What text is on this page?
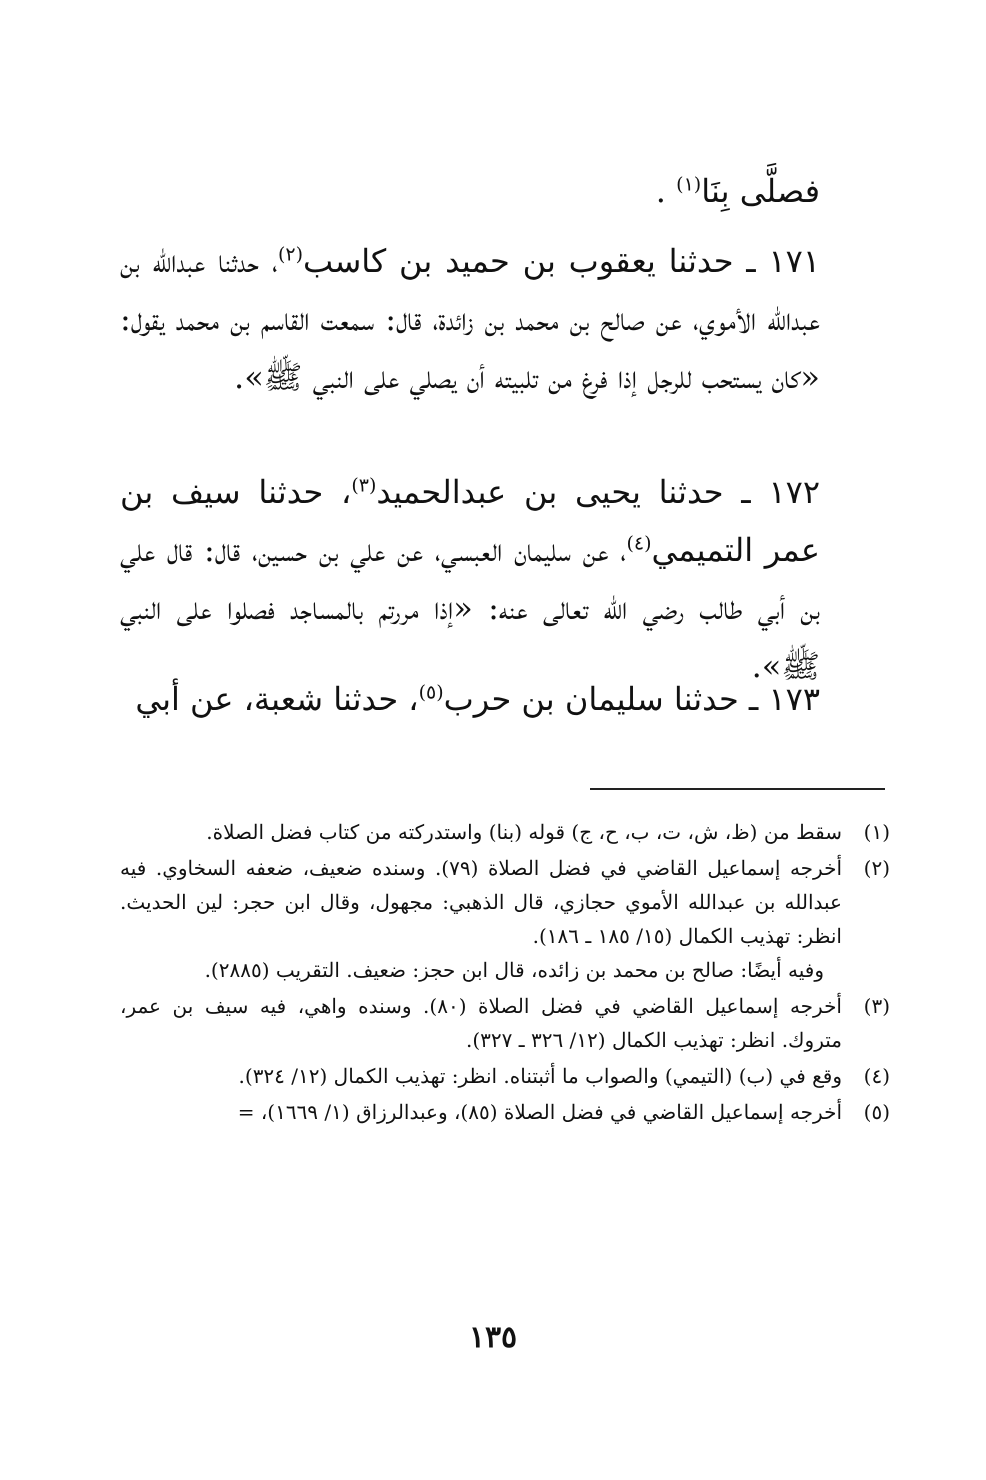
فصلَّى بِنَا$^{(١)}$ .

١٧١ ـ حدثنا يعقوب بن حميد بن كاسب$^{(٢)}$، حدثنا عبدالله بن عبدالله الأموي، عن صالح بن محمد بن زائدة، قال: سمعت القاسم بن محمد يقول: «كان يستحب للرجل إذا فرغ من تلبيته أن يصلي على النبي ﷺ».

١٧٢ ـ حدثنا يحيى بن عبدالحميد$^{(٣)}$، حدثنا سيف بن عمر التميمي$^{(٤)}$، عن سليمان العبسي، عن علي بن حسين، قال: قال علي بن أبي طالب رضي الله تعالى عنه: «إذا مررتم بالمساجد فصلوا على النبي ﷺ».

١٧٣ ـ حدثنا سليمان بن حرب$^{(٥)}$، حدثنا شعبة، عن أبي

(١)
سقط من (ظ، ش، ت، ب، ح، ج) قوله (بنا) واستدركته من كتاب فضل الصلاة.
(٢)
أخرجه إسماعيل القاضي في فضل الصلاة (٧٩). وسنده ضعيف، ضعفه السخاوي. فيه عبدالله بن عبدالله الأموي حجازي، قال الذهبي: مجهول، وقال ابن حجر: لين الحديث. انظر: تهذيب الكمال (١٥/ ١٨٥ ـ ١٨٦).
وفيه أيضًا: صالح بن محمد بن زائده، قال ابن حجز: ضعيف. التقريب (٢٨٨٥).
(٣)
أخرجه إسماعيل القاضي في فضل الصلاة (٨٠). وسنده واهي، فيه سيف بن عمر، متروك. انظر: تهذيب الكمال (١٢/ ٣٢٦ ـ ٣٢٧).
(٤)
وقع في (ب) (التيمي) والصواب ما أثبتناه. انظر: تهذيب الكمال (١٢/ ٣٢٤).
(٥)
أخرجه إسماعيل القاضي في فضل الصلاة (٨٥)، وعبدالرزاق (١/ ١٦٦٩)، =
١٣٥
